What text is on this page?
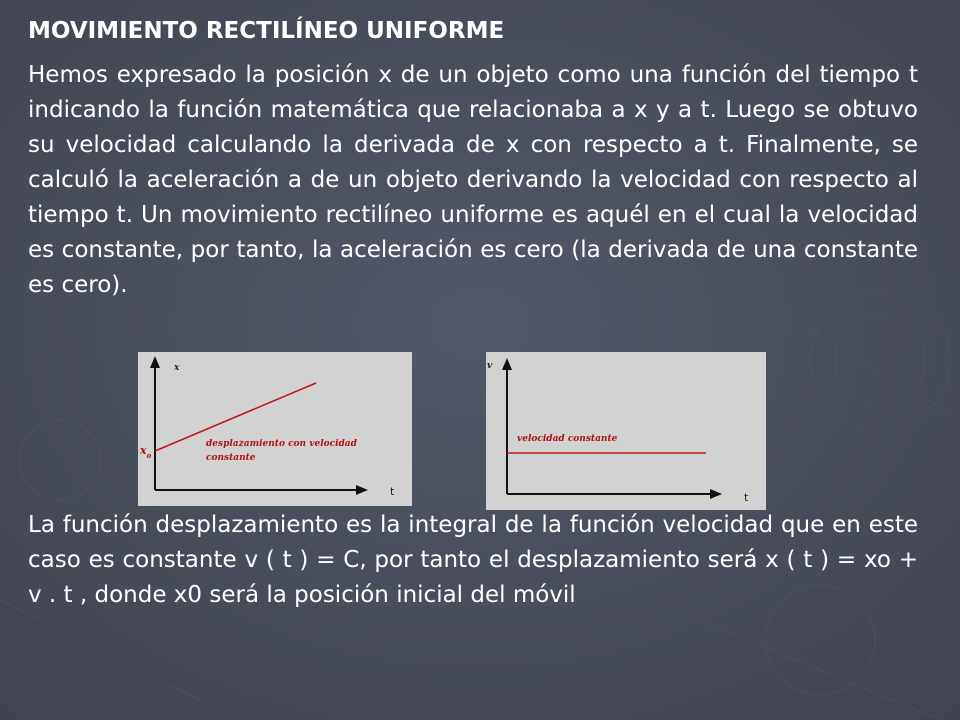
MOVIMIENTO RECTILÍNEO UNIFORME
Hemos expresado la posición x de un objeto como una función del tiempo t indicando la función matemática que relacionaba a x y a t. Luego se obtuvo su velocidad calculando la derivada de x con respecto a t. Finalmente, se calculó la aceleración a de un objeto derivando la velocidad con respecto al tiempo t. Un movimiento rectilíneo uniforme es aquél en el cual la velocidad es constante, por tanto, la aceleración es cero (la derivada de una constante es cero).
x
t
$x_o$
desplazamiento con velocidad
constante
v
t
velocidad constante
La función desplazamiento es la integral de la función velocidad que en este caso es constante v ( t ) = C, por tanto el desplazamiento será x ( t ) = xo + v . t , donde x0 será la posición inicial del móvil
